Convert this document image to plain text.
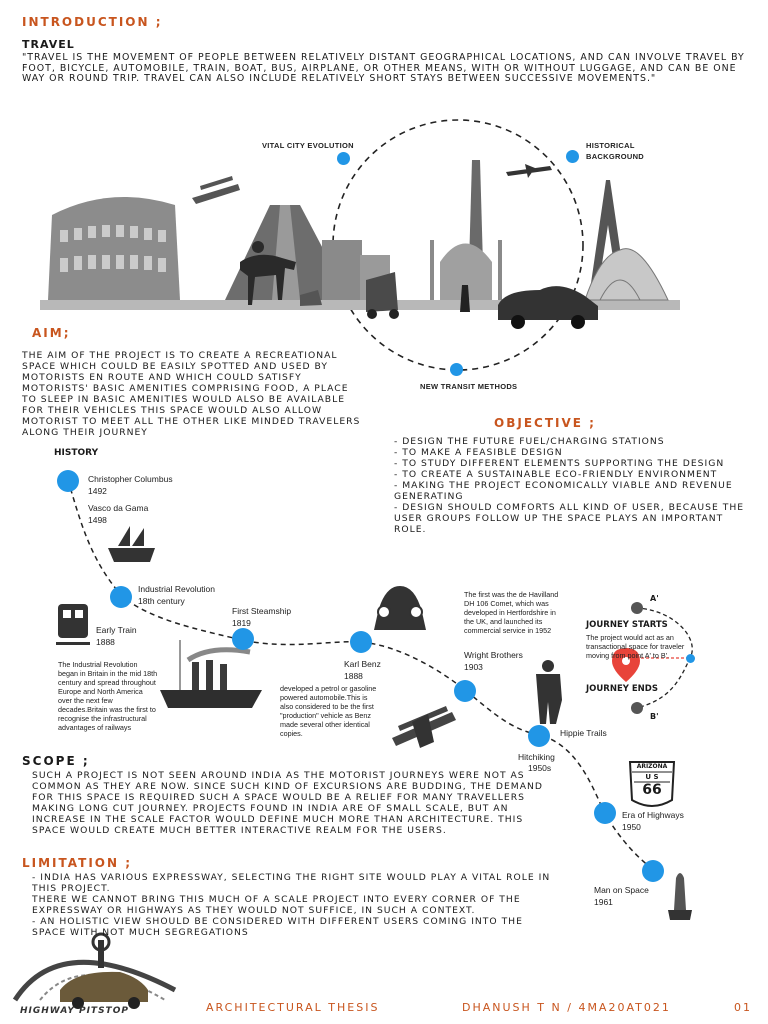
INTRODUCTION ;
TRAVEL
"TRAVEL IS THE MOVEMENT OF PEOPLE BETWEEN RELATIVELY DISTANT GEOGRAPHICAL LOCATIONS, AND CAN INVOLVE TRAVEL BY FOOT, BICYCLE, AUTOMOBILE, TRAIN, BOAT, BUS, AIRPLANE, OR OTHER MEANS, WITH OR WITHOUT LUGGAGE, AND CAN BE ONE WAY OR ROUND TRIP. TRAVEL CAN ALSO INCLUDE RELATIVELY SHORT STAYS BETWEEN SUCCESSIVE MOVEMENTS."
VITAL CITY EVOLUTION	HISTORICAL
BACKGROUND
NEW TRANSIT METHODS
AIM;
THE AIM OF THE PROJECT IS TO CREATE A RECREATIONAL SPACE WHICH COULD BE EASILY SPOTTED AND USED BY MOTORISTS EN ROUTE AND WHICH COULD SATISFY MOTORISTS' BASIC AMENITIES COMPRISING FOOD, A PLACE TO SLEEP IN BASIC AMENITIES WOULD ALSO BE AVAILABLE FOR THEIR VEHICLES THIS SPACE WOULD ALSO ALLOW MOTORIST TO MEET ALL THE OTHER LIKE MINDED TRAVELERS ALONG THEIR JOURNEY
OBJECTIVE ;
- DESIGN THE FUTURE FUEL/CHARGING STATIONS
- TO MAKE A FEASIBLE DESIGN
- TO STUDY DIFFERENT ELEMENTS SUPPORTING THE DESIGN
- TO CREATE A SUSTAINABLE ECO-FRIENDLY ENVIRONMENT
- MAKING THE PROJECT ECONOMICALLY VIABLE AND REVENUE GENERATING
- DESIGN SHOULD COMFORTS ALL KIND OF USER, BECAUSE THE USER GROUPS FOLLOW UP THE SPACE PLAYS AN IMPORTANT ROLE.
HISTORY
Christopher Columbus
1492
Vasco da Gama
1498
Industrial Revolution
18th century
Early Train
1888
The Industrial Revolution began in Britain in the mid 18th century and spread throughout Europe and North America over the next few decades.Britain was the first to recognise the infrastructural advantages of railways
First Steamship
1819
Karl Benz
1888
developed a petrol or gasoline powered automobile.This is also considered to be the first "production" vehicle as Benz made several other identical copies.
The first was the de Havilland DH 106 Comet, which was developed in Hertfordshire in the UK, and launched its commercial service in 1952
Wright Brothers
1903
Hippie Trails
Hitchiking
1950s	ARIZONA
U S
66
Era of Highways
1950
Man on Space
1961
A'
JOURNEY STARTS
The project would act as an transactional space for traveler moving from point A' to B'.
JOURNEY ENDS
B'
SCOPE ;
SUCH A PROJECT IS NOT SEEN AROUND INDIA AS THE MOTORIST JOURNEYS WERE NOT AS COMMON AS THEY ARE NOW. SINCE SUCH KIND OF EXCURSIONS ARE BUDDING, THE DEMAND FOR THIS SPACE IS REQUIRED SUCH A SPACE WOULD BE A RELIEF FOR MANY TRAVELLERS MAKING LONG CUT JOURNEY. PROJECTS FOUND IN INDIA ARE OF SMALL SCALE, BUT AN INCREASE IN THE SCALE FACTOR WOULD DEFINE MUCH MORE THAN ARCHITECTURE. THIS SPACE WOULD CREATE MUCH BETTER INTERACTIVE REALM FOR THE USERS.
LIMITATION ;
- INDIA HAS VARIOUS EXPRESSWAY, SELECTING THE RIGHT SITE WOULD PLAY A VITAL ROLE IN THIS PROJECT.
THERE WE CANNOT BRING THIS MUCH OF A SCALE PROJECT INTO EVERY CORNER OF THE EXPRESSWAY OR HIGHWAYS AS THEY WOULD NOT SUFFICE, IN SUCH A CONTEXT.
- AN HOLISTIC VIEW SHOULD BE CONSIDERED WITH DIFFERENT USERS COMING INTO THE SPACE WITH NOT MUCH SEGREGATIONS
HIGHWAY PITSTOP	ARCHITECTURAL THESIS	DHANUSH T N / 4MA20AT021	01
